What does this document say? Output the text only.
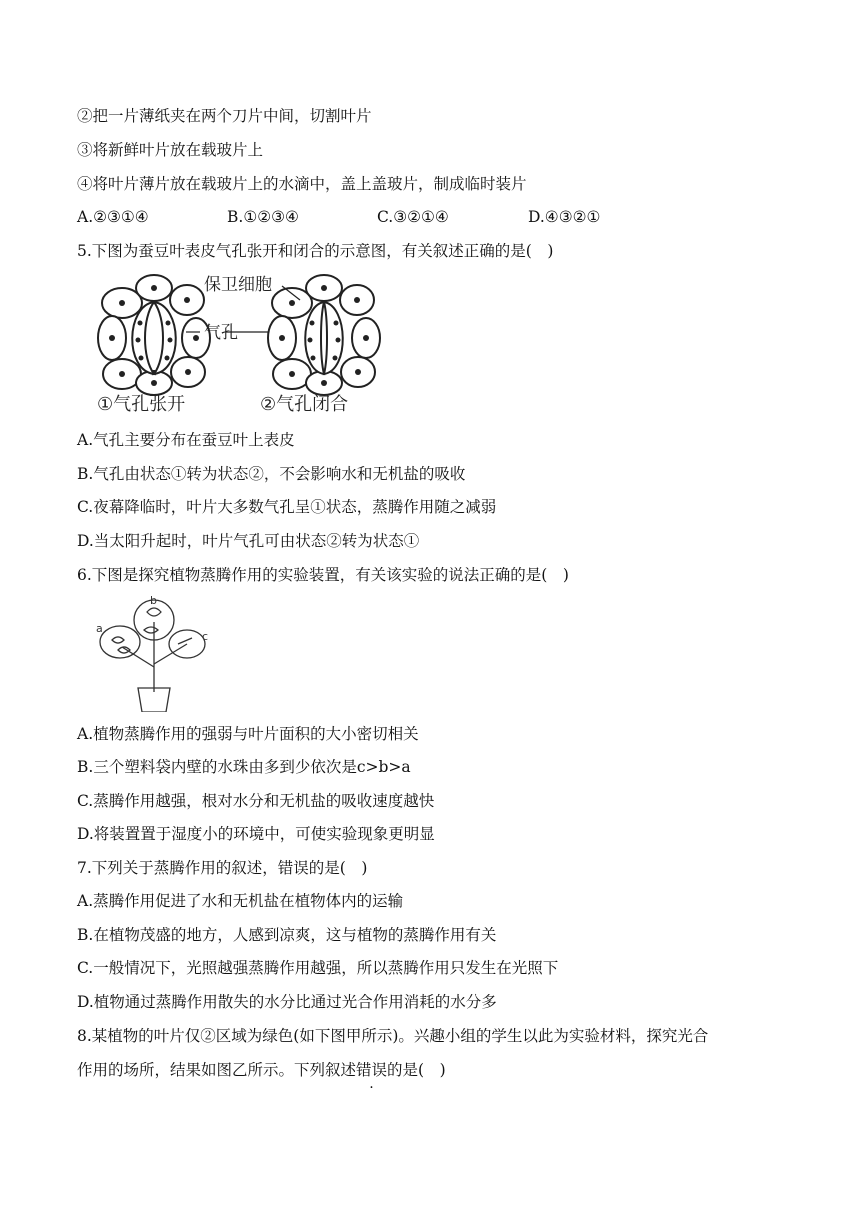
②把一片薄纸夹在两个刀片中间，切割叶片
③将新鲜叶片放在载玻片上
④将叶片薄片放在载玻片上的水滴中，盖上盖玻片，制成临时装片
A.②③①④	B.①②③④	C.③②①④	D.④③②①
5.下图为蚕豆叶表皮气孔张开和闭合的示意图，有关叙述正确的是(　)
保卫细胞
气孔
①气孔张开	②气孔闭合
A.气孔主要分布在蚕豆叶上表皮
B.气孔由状态①转为状态②，不会影响水和无机盐的吸收
C.夜幕降临时，叶片大多数气孔呈①状态，蒸腾作用随之减弱
D.当太阳升起时，叶片气孔可由状态②转为状态①
6.下图是探究植物蒸腾作用的实验装置，有关该实验的说法正确的是(　)
b
a
c
A.植物蒸腾作用的强弱与叶片面积的大小密切相关
B.三个塑料袋内壁的水珠由多到少依次是c>b>a
C.蒸腾作用越强，根对水分和无机盐的吸收速度越快
D.将装置置于湿度小的环境中，可使实验现象更明显
7.下列关于蒸腾作用的叙述，错误的是(　)
A.蒸腾作用促进了水和无机盐在植物体内的运输
B.在植物茂盛的地方，人感到凉爽，这与植物的蒸腾作用有关
C.一般情况下，光照越强蒸腾作用越强，所以蒸腾作用只发生在光照下
D.植物通过蒸腾作用散失的水分比通过光合作用消耗的水分多
8.某植物的叶片仅②区域为绿色(如下图甲所示)。兴趣小组的学生以此为实验材料，探究光合
作用的场所，结果如图乙所示。下列叙述错误的是(　)
